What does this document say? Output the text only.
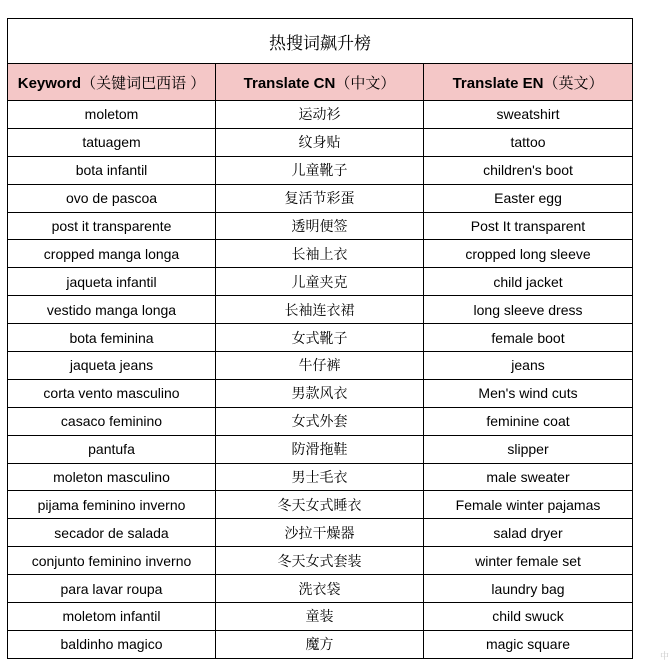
热搜词飙升榜		
Keyword（关键词巴西语 ）	Translate CN（中文）	Translate EN（英文）
moletom	运动衫	sweatshirt
tatuagem	纹身贴	tattoo
bota infantil	儿童靴子	children's boot
ovo de pascoa	复活节彩蛋	Easter egg
post it transparente	透明便签	Post It transparent
cropped manga longa	长袖上衣	cropped long sleeve
jaqueta infantil	儿童夹克	child jacket
vestido manga longa	长袖连衣裙	long sleeve dress
bota feminina	女式靴子	female boot
jaqueta jeans	牛仔裤	jeans
corta vento masculino	男款风衣	Men's wind cuts
casaco feminino	女式外套	feminine coat
pantufa	防滑拖鞋	slipper
moleton masculino	男士毛衣	male sweater
pijama feminino inverno	冬天女式睡衣	Female winter pajamas
secador de salada	沙拉干燥器	salad dryer
conjunto feminino inverno	冬天女式套装	winter female set
para lavar roupa	洗衣袋	laundry bag
moletom infantil	童装	child swuck
baldinho magico	魔方	magic square
中
